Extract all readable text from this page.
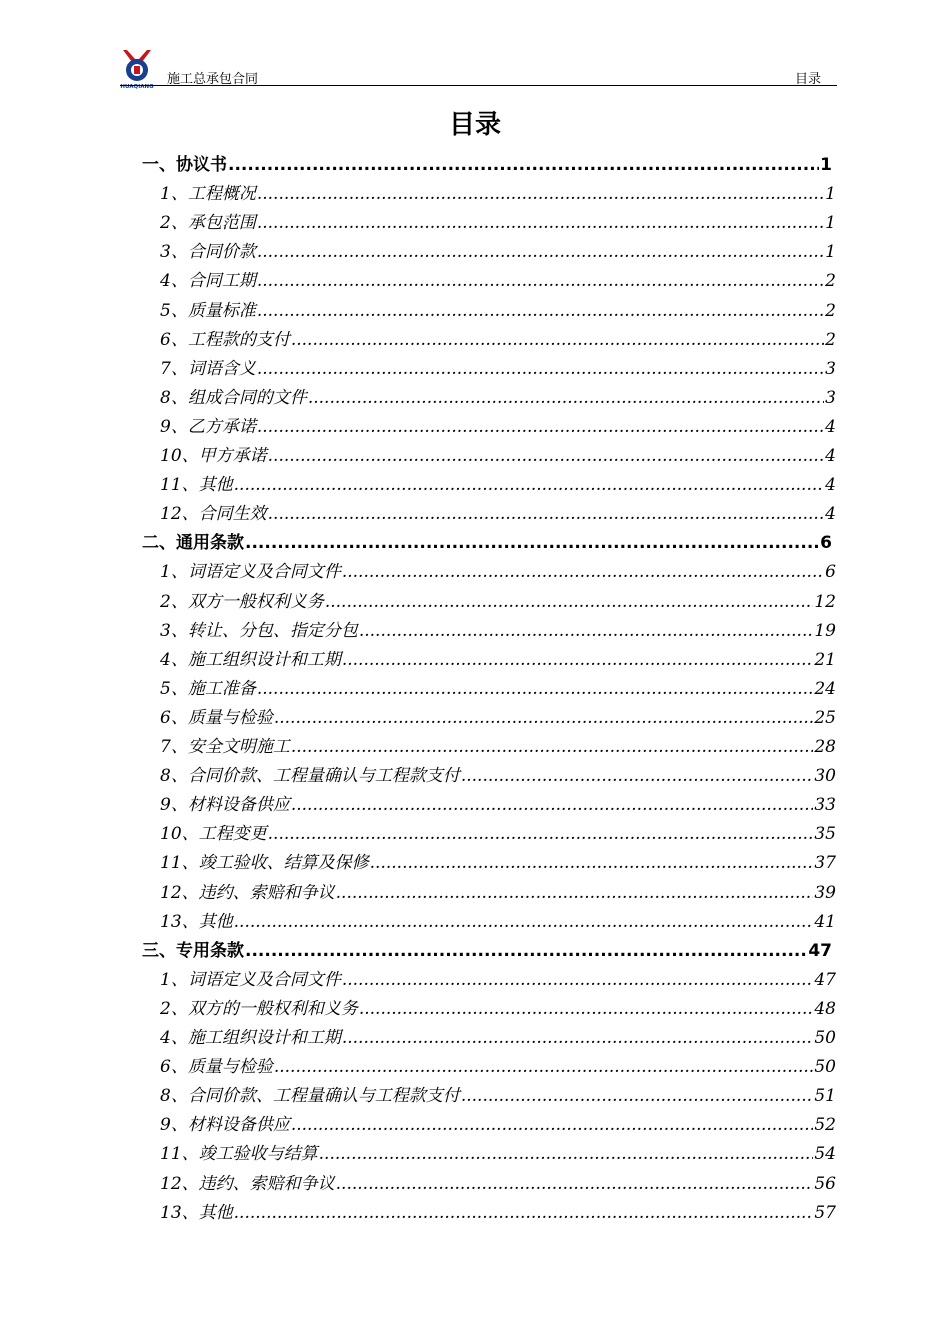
HUAQIANG 施工总承包合同	目录
目录
一、协议书 .....	1
1、工程概况 .....	1
2、承包范围 .....	1
3、合同价款 .....	1
4、合同工期 .....	2
5、质量标准 .....	2
6、工程款的支付 .....	2
7、词语含义 .....	3
8、组成合同的文件 .....	3
9、乙方承诺 .....	4
10、甲方承诺 .....	4
11、其他 .....	4
12、合同生效 .....	4
二、通用条款 .....	6
1、词语定义及合同文件 .....	6
2、双方一般权利义务 .....	12
3、转让、分包、指定分包 .....	19
4、施工组织设计和工期 .....	21
5、施工准备 .....	24
6、质量与检验 .....	25
7、安全文明施工 .....	28
8、合同价款、工程量确认与工程款支付 .....	30
9、材料设备供应 .....	33
10、工程变更 .....	35
11、竣工验收、结算及保修 .....	37
12、违约、索赔和争议 .....	39
13、其他 .....	41
三、专用条款 .....	47
1、词语定义及合同文件 .....	47
2、双方的一般权利和义务 .....	48
4、施工组织设计和工期 .....	50
6、质量与检验 .....	50
8、合同价款、工程量确认与工程款支付 .....	51
9、材料设备供应 .....	52
11、竣工验收与结算 .....	54
12、违约、索赔和争议 .....	56
13、其他 .....	57
